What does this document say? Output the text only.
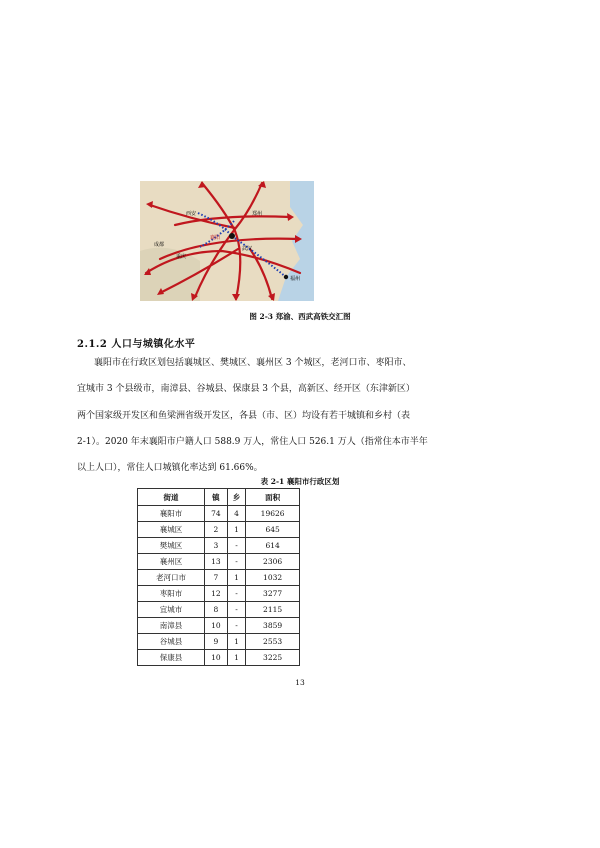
西安	郑州
襄阳
成都
重庆
武汉
福州
图 2-3 郑渝、西武高铁交汇图
2.1.2 人口与城镇化水平
襄阳市在行政区划包括襄城区、樊城区、襄州区 3 个城区，老河口市、枣阳市、
宜城市 3 个县级市，南漳县、谷城县、保康县 3 个县，高新区、经开区（东津新区）
两个国家级开发区和鱼梁洲省级开发区，各县（市、区）均设有若干城镇和乡村（表
2-1）。2020 年末襄阳市户籍人口 588.9 万人，常住人口 526.1 万人（指常住本市半年
以上人口），常住人口城镇化率达到 61.66%。
表 2-1 襄阳市行政区划
街道	镇	乡	面积
襄阳市	74	4	19626
襄城区	2	1	645
樊城区	3	-	614
襄州区	13	-	2306
老河口市	7	1	1032
枣阳市	12	-	3277
宜城市	8	-	2115
南漳县	10	-	3859
谷城县	9	1	2553
保康县	10	1	3225
13
